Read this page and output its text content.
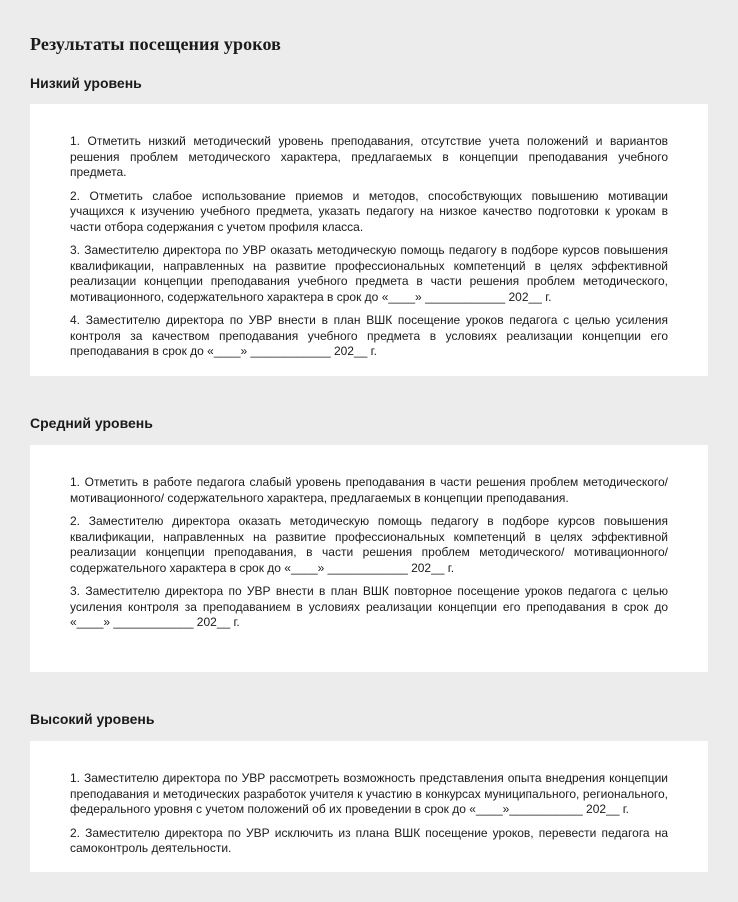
Результаты посещения уроков
Низкий уровень

1. Отметить низкий методический уровень преподавания, отсутствие учета положений и вариантов решения проблем методического характера, предлагаемых в концепции преподавания учебного предмета.

2. Отметить слабое использование приемов и методов, способствующих повышению мотивации учащихся к изучению учебного предмета, указать педагогу на низкое качество подготовки к урокам в части отбора содержания с учетом профиля класса.

3. Заместителю директора по УВР оказать методическую помощь педагогу в подборе курсов повышения квалификации, направленных на развитие профессиональных компетенций в целях эффективной реализации концепции преподавания учебного предмета в части решения проблем методического, мотивационного, содержательного характера в срок до «____» ____________ 202__ г.

4. Заместителю директора по УВР внести в план ВШК посещение уроков педагога с целью усиления контроля за качеством преподавания учебного предмета в условиях реализации концепции его преподавания в срок до «____» ____________ 202__ г.

Средний уровень

1. Отметить в работе педагога слабый уровень преподавания в части решения проблем методического/ мотивационного/ содержательного характера, предлагаемых в концепции преподавания.

2. Заместителю директора оказать методическую помощь педагогу в подборе курсов повышения квалификации, направленных на развитие профессиональных компетенций в целях эффективной реализации концепции преподавания, в части решения проблем методического/ мотивационного/ содержательного характера в срок до «____» ____________ 202__ г.

3. Заместителю директора по УВР внести в план ВШК повторное посещение уроков педагога с целью усиления контроля за преподаванием в условиях реализации концепции его преподавания в срок до «____» ____________ 202__ г.

Высокий уровень

1. Заместителю директора по УВР рассмотреть возможность представления опыта внедрения концепции преподавания и методических разработок учителя к участию в конкурсах муниципального, регионального, федерального уровня с учетом положений об их проведении в срок до «____»___________ 202__ г.

2. Заместителю директора по УВР исключить из плана ВШК посещение уроков, перевести педагога на самоконтроль деятельности.
